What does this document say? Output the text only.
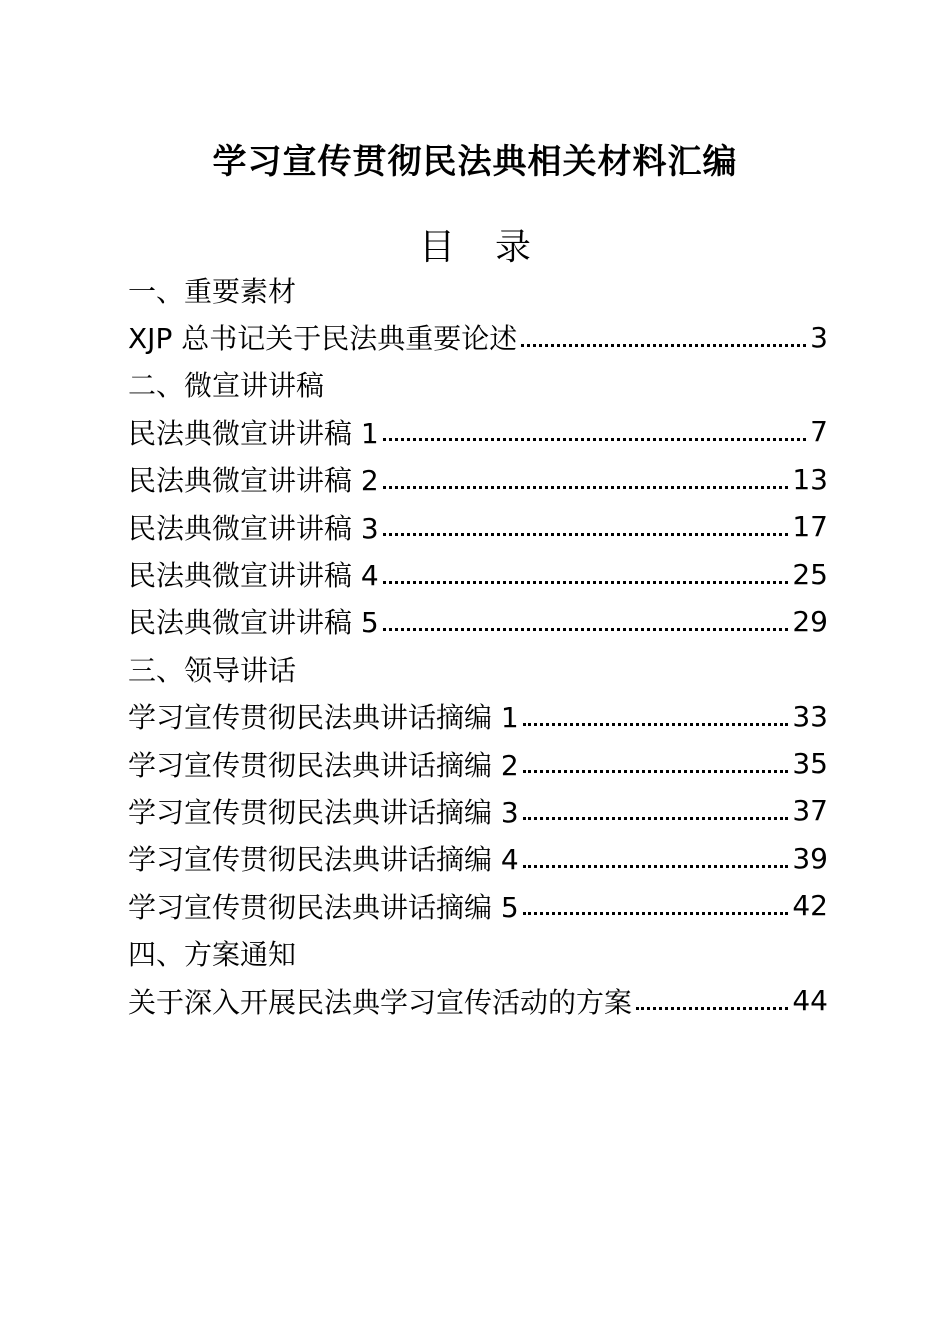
学习宣传贯彻民法典相关材料汇编
目 录
一、重要素材
XJP 总书记关于民法典重要论述	3
二、微宣讲讲稿
民法典微宣讲讲稿 1	7
民法典微宣讲讲稿 2	13
民法典微宣讲讲稿 3	17
民法典微宣讲讲稿 4	25
民法典微宣讲讲稿 5	29
三、领导讲话
学习宣传贯彻民法典讲话摘编 1	33
学习宣传贯彻民法典讲话摘编 2	35
学习宣传贯彻民法典讲话摘编 3	37
学习宣传贯彻民法典讲话摘编 4	39
学习宣传贯彻民法典讲话摘编 5	42
四、方案通知
关于深入开展民法典学习宣传活动的方案	44
